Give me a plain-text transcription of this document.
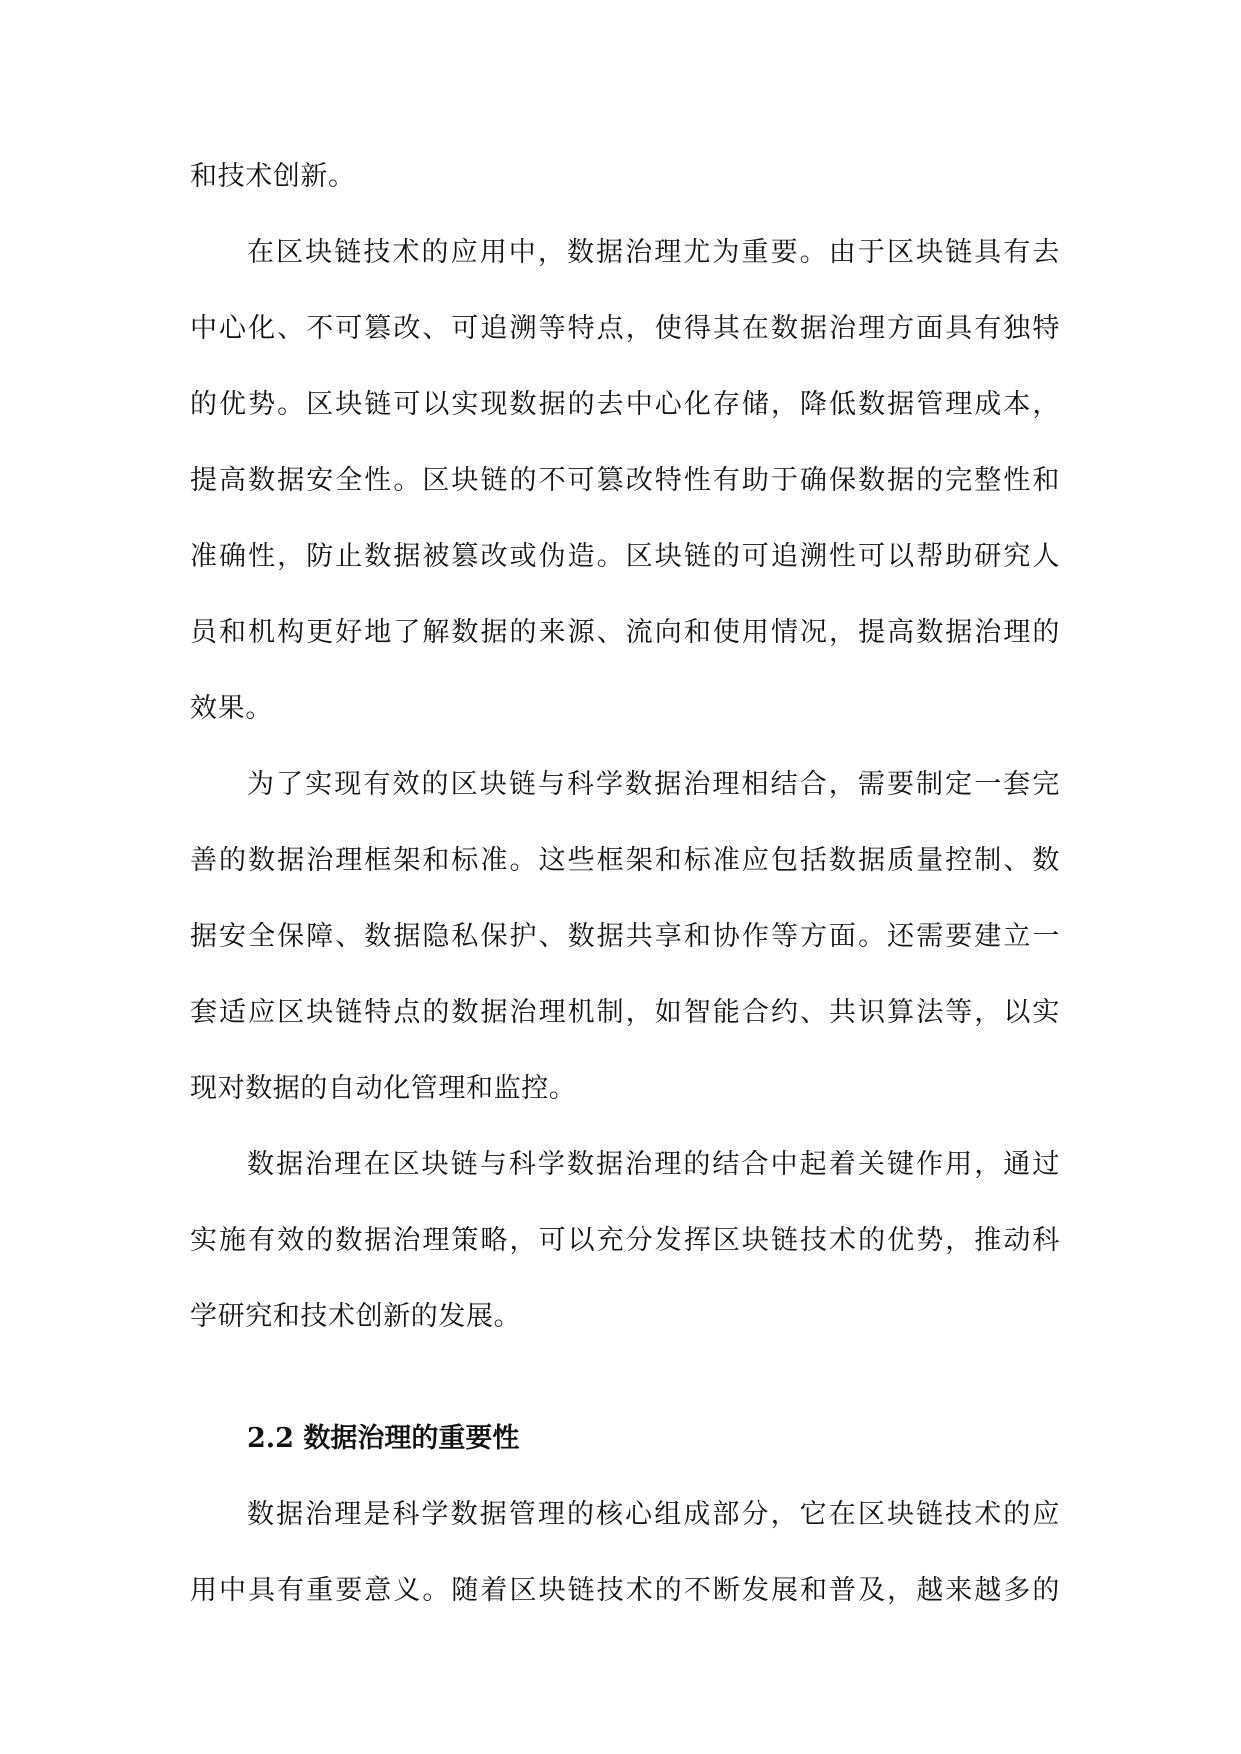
和技术创新。
在区块链技术的应用中，数据治理尤为重要。由于区块链具有去
中心化、不可篡改、可追溯等特点，使得其在数据治理方面具有独特
的优势。区块链可以实现数据的去中心化存储，降低数据管理成本，
提高数据安全性。区块链的不可篡改特性有助于确保数据的完整性和
准确性，防止数据被篡改或伪造。区块链的可追溯性可以帮助研究人
员和机构更好地了解数据的来源、流向和使用情况，提高数据治理的
效果。
为了实现有效的区块链与科学数据治理相结合，需要制定一套完
善的数据治理框架和标准。这些框架和标准应包括数据质量控制、数
据安全保障、数据隐私保护、数据共享和协作等方面。还需要建立一
套适应区块链特点的数据治理机制，如智能合约、共识算法等，以实
现对数据的自动化管理和监控。
数据治理在区块链与科学数据治理的结合中起着关键作用，通过
实施有效的数据治理策略，可以充分发挥区块链技术的优势，推动科
学研究和技术创新的发展。
2.2 数据治理的重要性
数据治理是科学数据管理的核心组成部分，它在区块链技术的应
用中具有重要意义。随着区块链技术的不断发展和普及，越来越多的
